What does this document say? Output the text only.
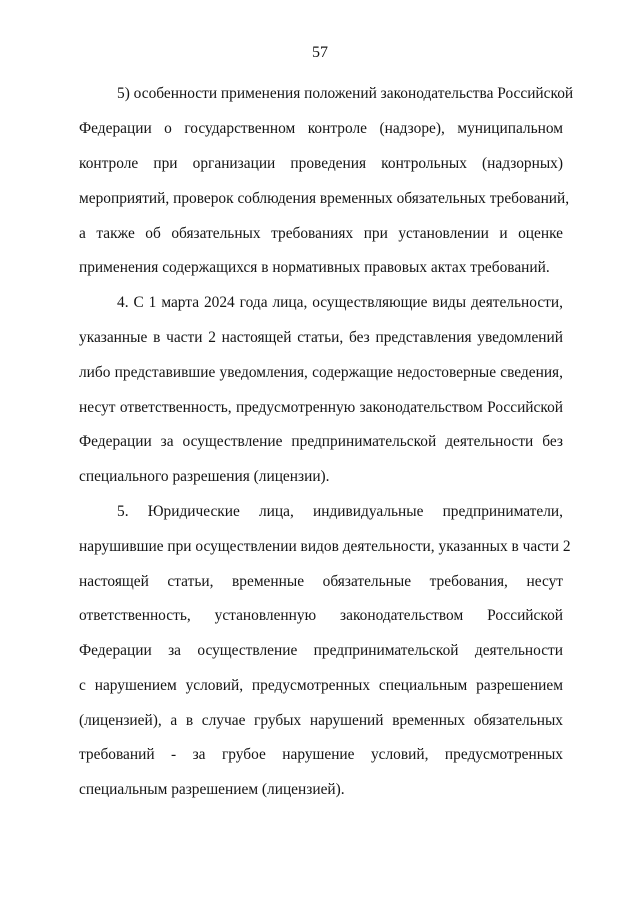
57
5) особенности применения положений законодательства Российской
Федерации о государственном контроле (надзоре), муниципальном
контроле при организации проведения контрольных (надзорных)
мероприятий, проверок соблюдения временных обязательных требований,
а также об обязательных требованиях при установлении и оценке
применения содержащихся в нормативных правовых актах требований.
4. С 1 марта 2024 года лица, осуществляющие виды деятельности,
указанные в части 2 настоящей статьи, без представления уведомлений
либо представившие уведомления, содержащие недостоверные сведения,
несут ответственность, предусмотренную законодательством Российской
Федерации за осуществление предпринимательской деятельности без
специального разрешения (лицензии).
5. Юридические лица, индивидуальные предприниматели,
нарушившие при осуществлении видов деятельности, указанных в части 2
настоящей статьи, временные обязательные требования, несут
ответственность, установленную законодательством Российской
Федерации за осуществление предпринимательской деятельности
с нарушением условий, предусмотренных специальным разрешением
(лицензией), а в случае грубых нарушений временных обязательных
требований - за грубое нарушение условий, предусмотренных
специальным разрешением (лицензией).
